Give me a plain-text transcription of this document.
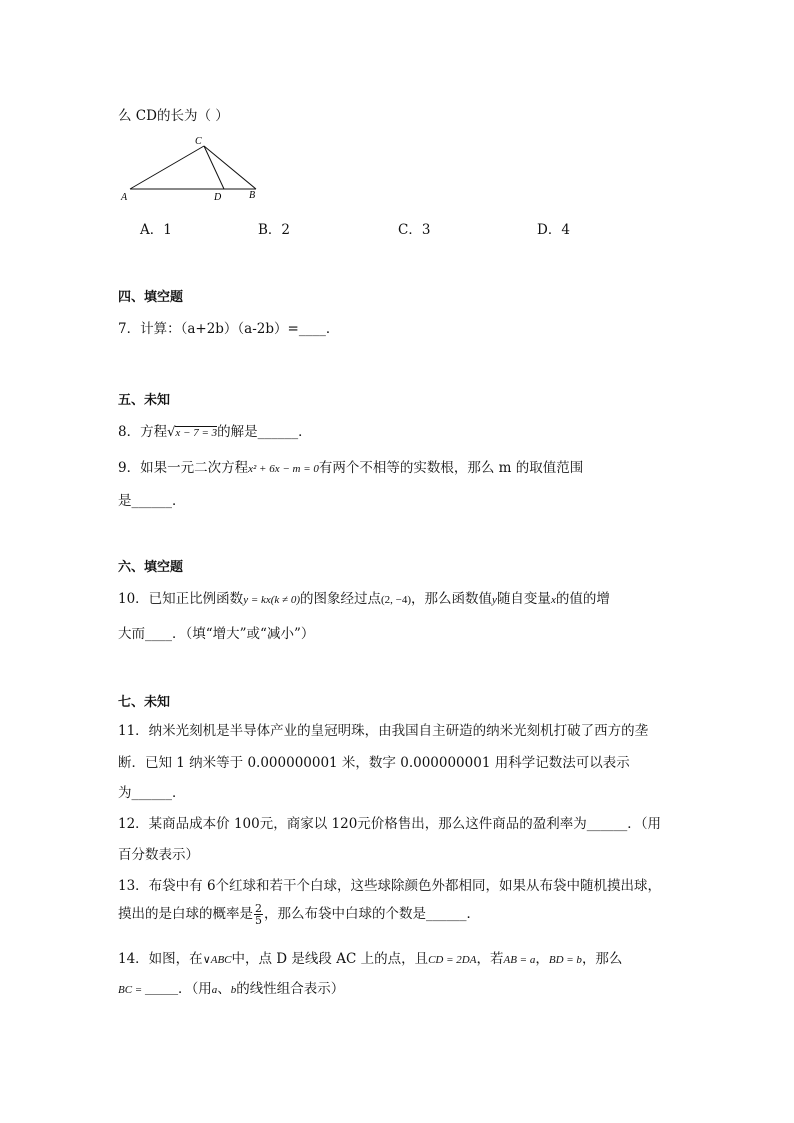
么 CD的长为（ ）
A	B
C
D
A．1	B．2	C．3	D．4
四、填空题
7．计算：（a+2b）（a-2b）=____．
五、未知
8．方程√x − 7 = 3的解是______．
9．如果一元二次方程x² + 6x − m = 0有两个不相等的实数根，那么 m 的取值范围
是______．
六、填空题
10．已知正比例函数y = kx(k ≠ 0)的图象经过点(2, −4)，那么函数值y随自变量x的值的增
大而____．（填“增大”或“减小”）
七、未知
11．纳米光刻机是半导体产业的皇冠明珠，由我国自主研造的纳米光刻机打破了西方的垄
断．已知 1 纳米等于 0.000000001 米，数字 0.000000001 用科学记数法可以表示
为______．
12．某商品成本价 100元，商家以 120元价格售出，那么这件商品的盈利率为______．（用
百分数表示）
13．布袋中有 6个红球和若干个白球，这些球除颜色外都相同，如果从布袋中随机摸出球，
摸出的是白球的概率是 $\frac{2}{5}$ ，那么布袋中白球的个数是______．
14．如图，在∨ABC中，点 D 是线段 AC 上的点，且CD = 2DA，若AB = a，BD = b，那么
BC = ______．（用a、b的线性组合表示）
